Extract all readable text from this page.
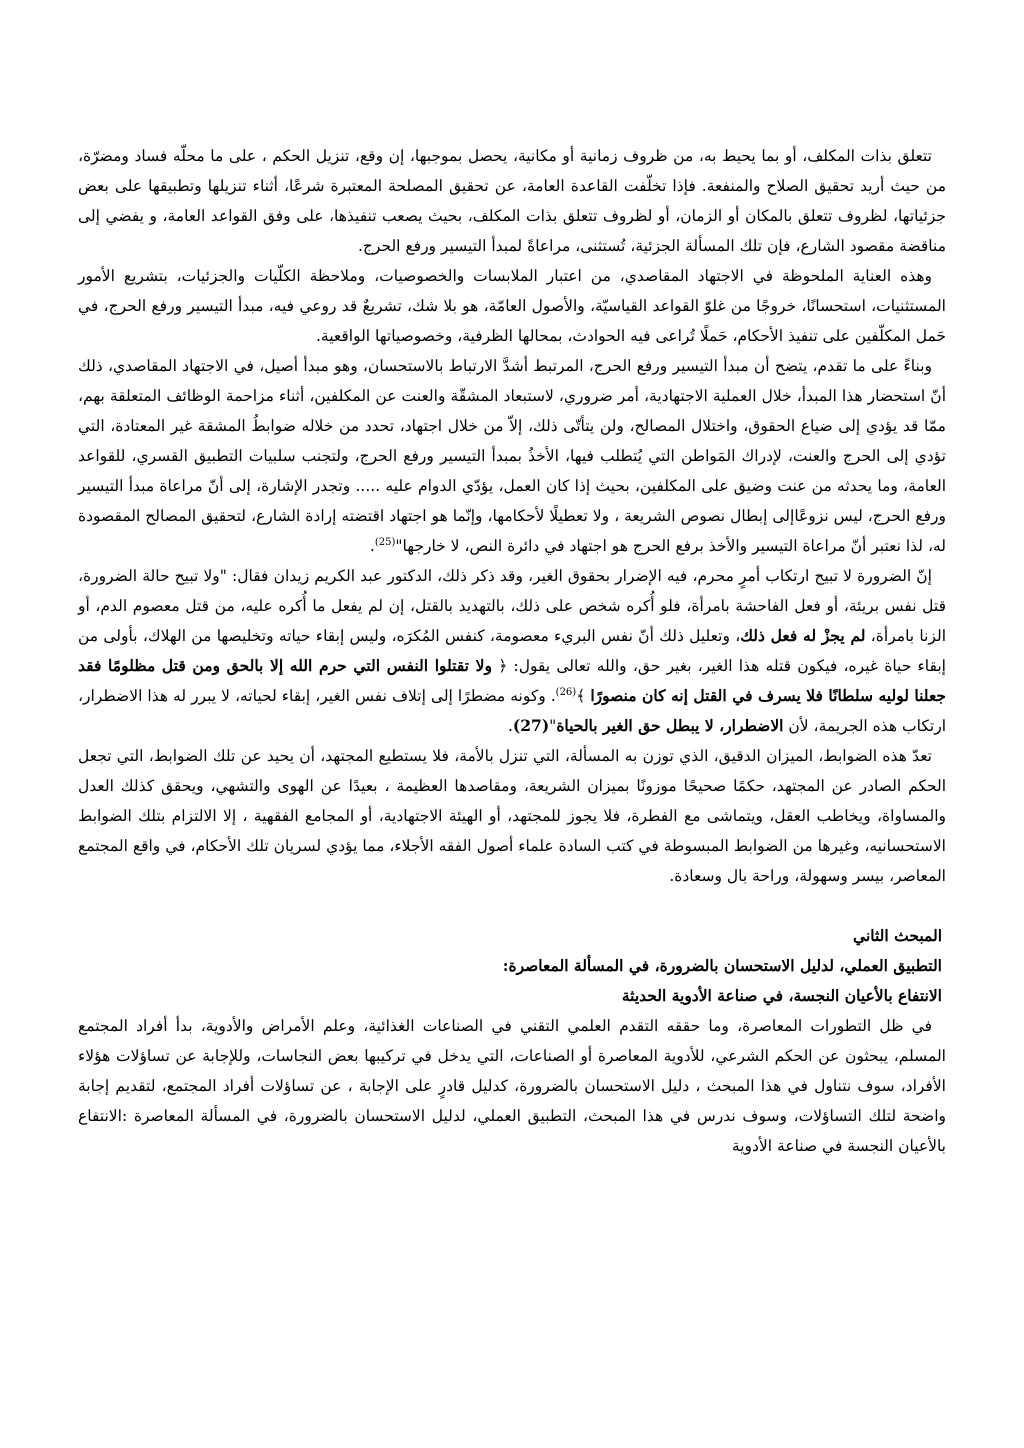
تتعلق بذات المكلف، أو بما يحيط به، من ظروف زمانية أو مكانية، يحصل بموجبها، إن وقع، تنزيل الحكم ، على ما محلّه فساد ومضرّة، من حيث أريد تحقيق الصلاح والمنفعة. فإذا تخلّفت القاعدة العامة، عن تحقيق المصلحة المعتبرة شرعًا، أثناء تنزيلها وتطبيقها على بعض جزئياتها، لظروف تتعلق بالمكان أو الزمان، أو لظروف تتعلق بذات المكلف، بحيث يصعب تنفيذها، على وفق القواعد العامة، و يفضي إلى مناقضة مقصود الشارع، فإن تلك المسألة الجزئية، تُستثنى، مراعاةً لمبدأ التيسير ورفع الحرج.

وهذه العناية الملحوظة في الاجتهاد المقاصدي، من اعتبار الملابسات والخصوصيات، وملاحظة الكلّيات والجزئيات، بتشريع الأمور المستثنيات، استحسانًا، خروجًا من غلوّ القواعد القياسيّة، والأصول العامّة، هو بلا شك، تشريعٌ قد روعي فيه، مبدأ التيسير ورفع الحرج، في حَمل المكلّفين على تنفيذ الأحكام، حَملًا تُراعى فيه الحوادث، بمحالها الظرفية، وخصوصياتها الواقعية.

وبناءً على ما تقدم، يتضح أن مبدأ التيسير ورفع الحرج، المرتبط أشدَّ الارتباط بالاستحسان، وهو مبدأ أصيل، في الاجتهاد المقاصدي، ذلك أنّ استحضار هذا المبدأ، خلال العملية الاجتهادية، أمر ضروري، لاستبعاد المشقّة والعنت عن المكلفين، أثناء مزاحمة الوظائف المتعلقة بهم، ممّا قد يؤدي إلى ضياع الحقوق، واختلال المصالح، ولن يتأتّى ذلك، إلاّ من خلال اجتهاد، تحدد من خلاله ضوابطُ المشقة غير المعتادة، التي تؤدي إلى الحرج والعنت، لإدراك المَواطن التي يُتطلب فيها، الأخذُ بمبدأ التيسير ورفع الحرج، ولتجنب سلبيات التطبيق القسري، للقواعد العامة، وما يحدثه من عنت وضيق على المكلفين، بحيث إذا كان العمل، يؤدّي الدوام عليه ..... وتجدر الإشارة، إلى أنّ مراعاة مبدأ التيسير ورفع الحرج، ليس نزوعًاإلى إبطال نصوص الشريعة ، ولا تعطيلًا لأحكامها، وإنّما هو اجتهاد اقتضته إرادة الشارع، لتحقيق المصالح المقصودة له، لذا نعتبر أنّ مراعاة التيسير والأخذ برفع الحرج هو اجتهاد في دائرة النص، لا خارجها"$^{(25)}$.

إنّ الضرورة لا تبيح ارتكاب أمرٍ محرم، فيه الإضرار بحقوق الغير، وقد ذكر ذلك، الدكتور عبد الكريم زيدان فقال: "ولا تبيح حالة الضرورة، قتل نفس بريئة، أو فعل الفاحشة بامرأة، فلو أُكره شخص على ذلك، بالتهديد بالقتل، إن لم يفعل ما أُكره عليه، من قتل معصوم الدم، أو الزنا بامرأة، لم يجزْ له فعل ذلك، وتعليل ذلك أنّ نفس البريء معصومة، كنفس المُكرَه، وليس إبقاء حياته وتخليصها من الهلاك، بأولى من إبقاء حياة غيره، فيكون قتله هذا الغير، بغير حق، والله تعالى يقول: ﴿ ولا تقتلوا النفس التي حرم الله إلا بالحق ومن قتل مظلومًا فقد جعلنا لوليه سلطانًا فلا يسرف في القتل إنه كان منصورًا ﴾$^{(26)}$. وكونه مضطرًا إلى إتلاف نفس الغير، إبقاء لحياته، لا يبرر له هذا الاضطرار، ارتكاب هذه الجريمة، لأن الاضطرار، لا يبطل حق الغير بالحياة"(27).

تعدّ هذه الضوابط، الميزان الدقيق، الذي توزن به المسألة، التي تنزل بالأمة، فلا يستطيع المجتهد، أن يحيد عن تلك الضوابط، التي تجعل الحكم الصادر عن المجتهد، حكمًا صحيحًا موزونًا بميزان الشريعة، ومقاصدها العظيمة ، بعيدًا عن الهوى والتشهي، ويحقق كذلك العدل والمساواة، ويخاطب العقل، ويتماشى مع الفطرة، فلا يجوز للمجتهد، أو الهيئة الاجتهادية، أو المجامع الفقهية ، إلا الالتزام بتلك الضوابط الاستحسانيه، وغيرها من الضوابط المبسوطة في كتب السادة علماء أصول الفقه الأجلاء، مما يؤدي لسريان تلك الأحكام، في واقع المجتمع المعاصر، بيسر وسهولة، وراحة بال وسعادة.

المبحث الثاني

التطبيق العملي، لدليل الاستحسان بالضرورة، في المسألة المعاصرة:

الانتفاع بالأعيان النجسة، في صناعة الأدوية الحديثة

في ظل التطورات المعاصرة، وما حققه التقدم العلمي التقني في الصناعات الغذائية، وعلم الأمراض والأدوية، بدأ أفراد المجتمع المسلم، يبحثون عن الحكم الشرعي، للأدوية المعاصرة أو الصناعات، التي يدخل في تركيبها بعض النجاسات، وللإجابة عن تساؤلات هؤلاء الأفراد، سوف نتناول في هذا المبحث ، دليل الاستحسان بالضرورة، كدليل قادرٍ على الإجابة ، عن تساؤلات أفراد المجتمع، لتقديم إجابة واضحة لتلك التساؤلات، وسوف ندرس في هذا المبحث، التطبيق العملي، لدليل الاستحسان بالضرورة، في المسألة المعاصرة :الانتفاع بالأعيان النجسة في صناعة الأدوية
